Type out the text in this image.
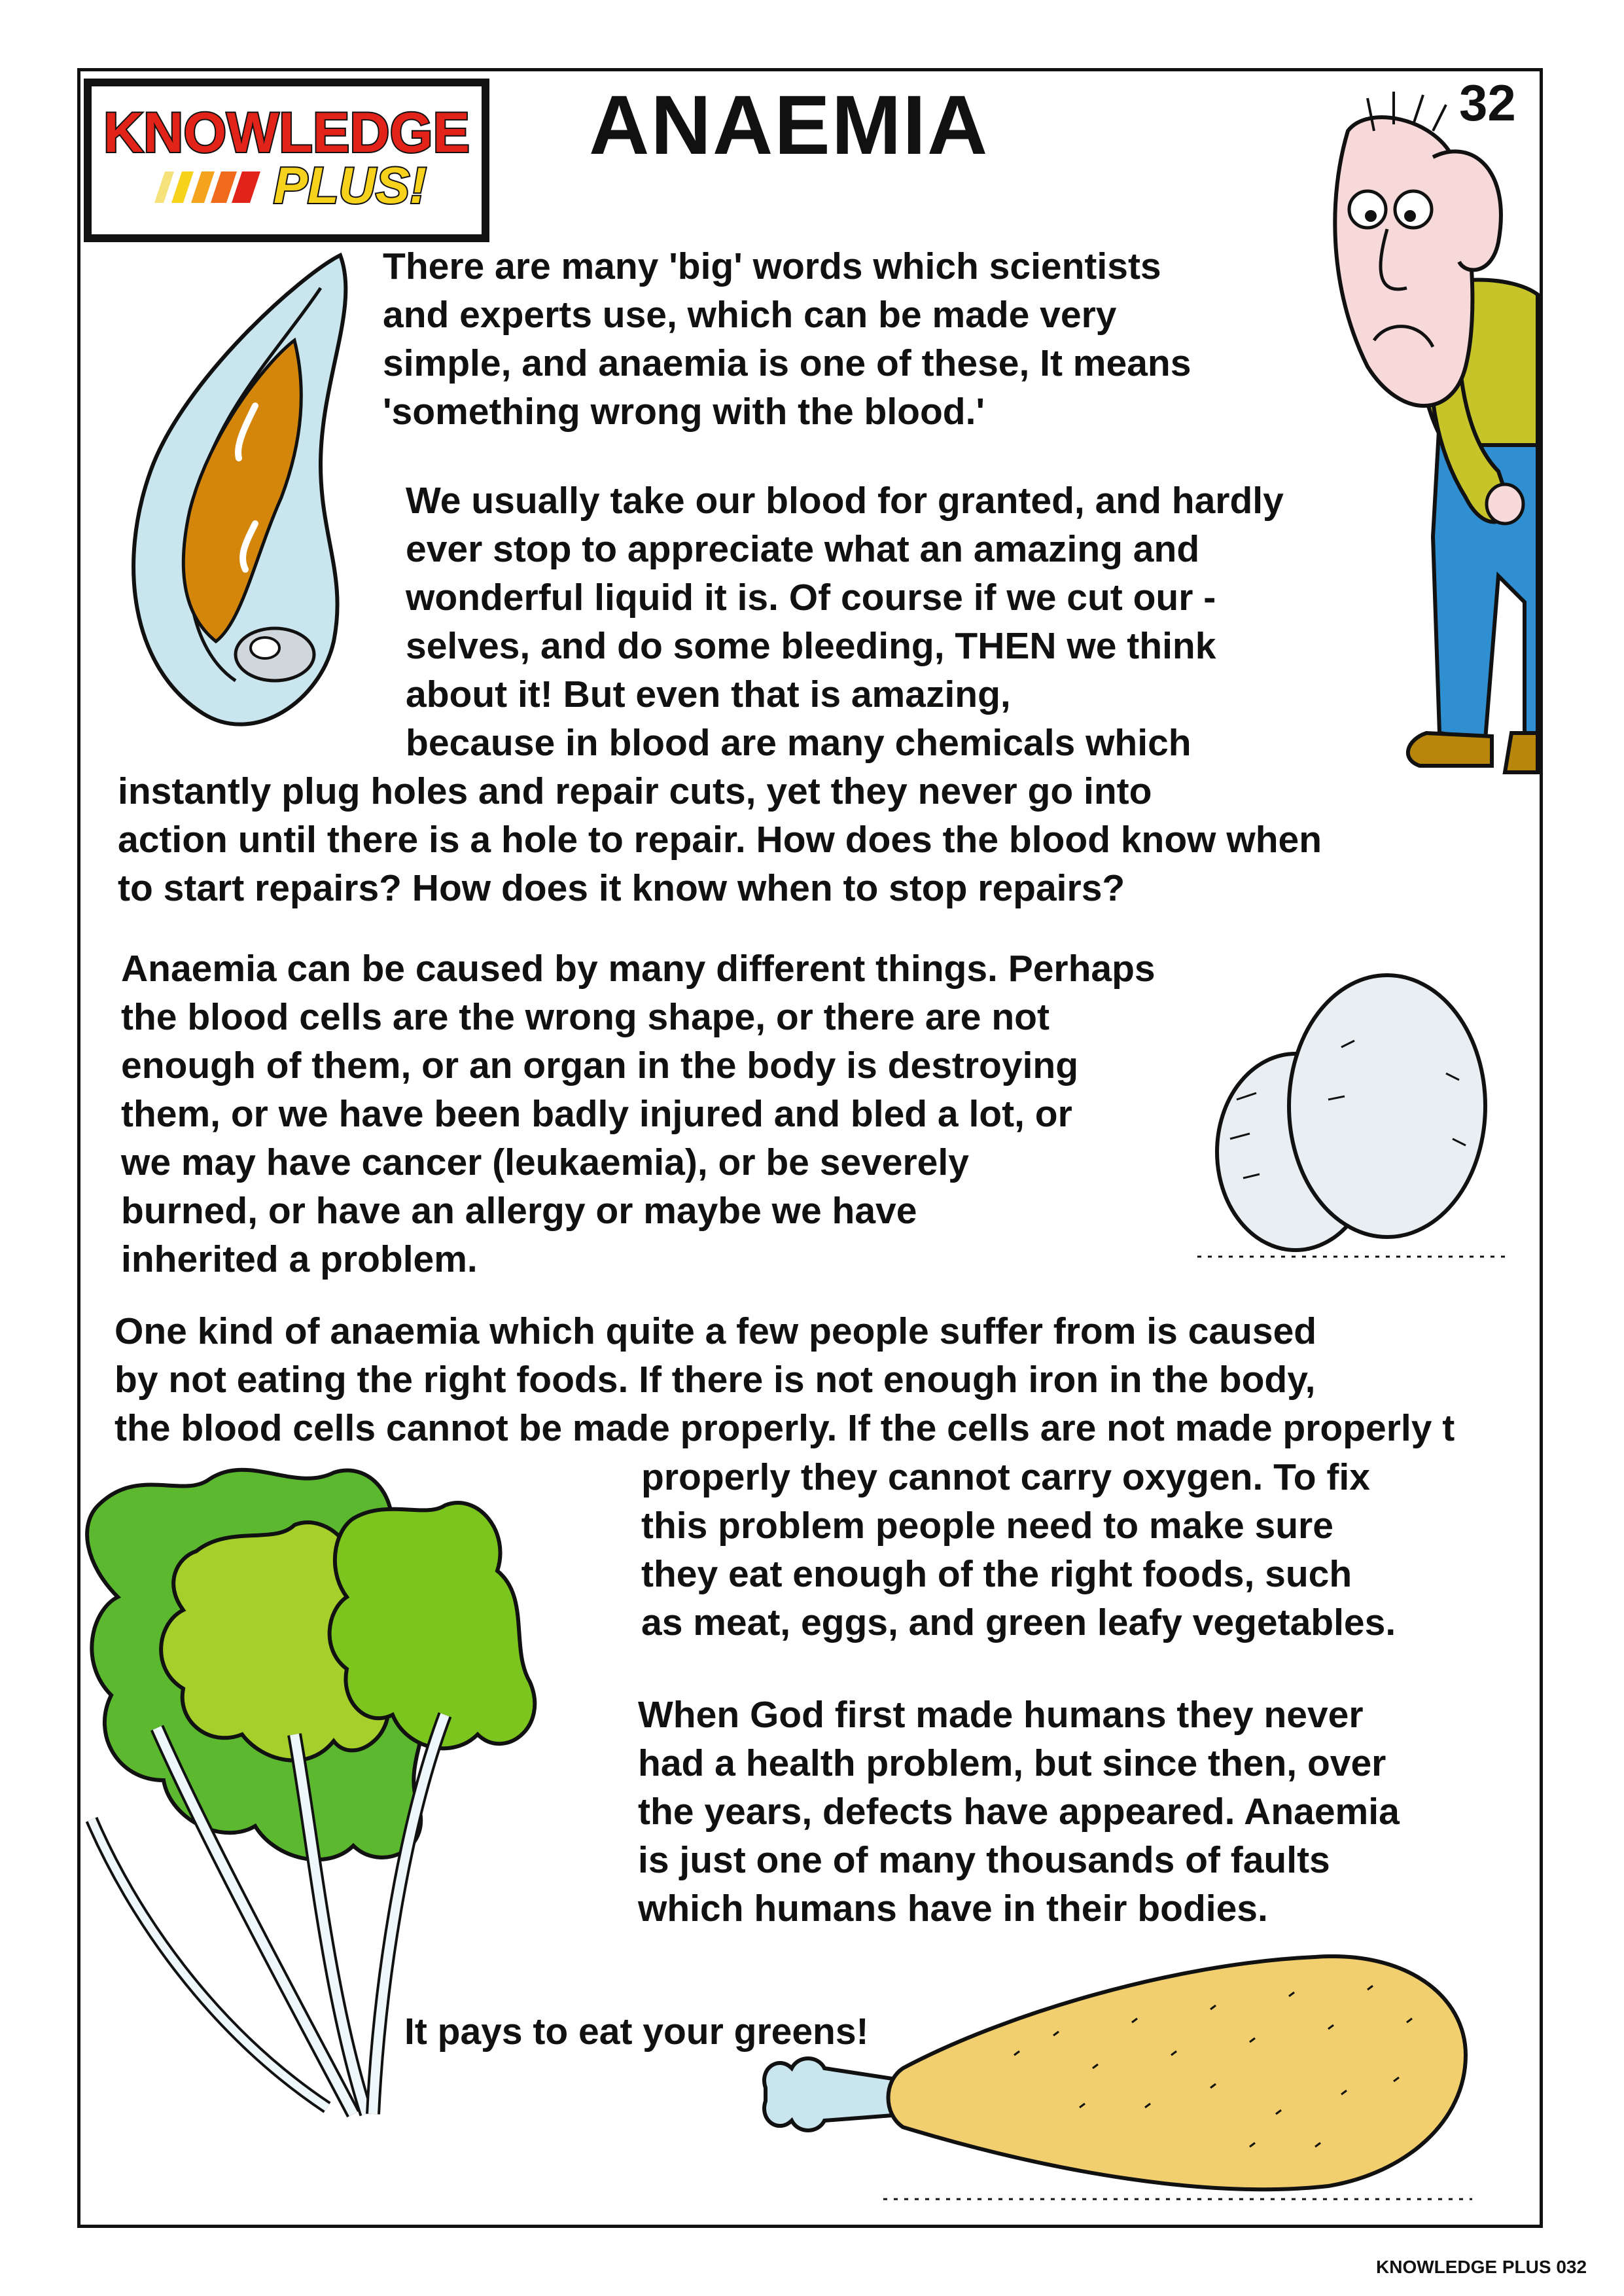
KNOWLEDGE
PLUS!
ANAEMIA	32
There are many 'big' words which scientists
and experts use, which can be made very
simple, and anaemia is one of these, It means
'something wrong with the blood.'
We usually take our blood for granted, and hardly
ever stop to appreciate what an amazing and
wonderful liquid it is. Of course if we cut our -
selves, and do some bleeding, THEN we think
about it! But even that is amazing,
because in blood are many chemicals which
instantly plug holes and repair cuts, yet they never go into
action until there is a hole to repair. How does the blood know when
to start repairs? How does it know when to stop repairs?
Anaemia can be caused by many different things. Perhaps
the blood cells are the wrong shape, or there are not
enough of them, or an organ in the body is destroying
them, or we have been badly injured and bled a lot, or
we may have cancer (leukaemia), or be severely
burned, or have an allergy or maybe we have
inherited a problem.
One kind of anaemia which quite a few people suffer from is caused
by not eating the right foods. If there is not enough iron in the body,
the blood cells cannot be made properly. If the cells are not made properly t
properly they cannot carry oxygen. To fix
this problem people need to make sure
they eat enough of the right foods, such
as meat, eggs, and green leafy vegetables.
When God first made humans they never
had a health problem, but since then, over
the years, defects have appeared. Anaemia
is just one of many thousands of faults
which humans have in their bodies.
It pays to eat your greens!
KNOWLEDGE PLUS 032
